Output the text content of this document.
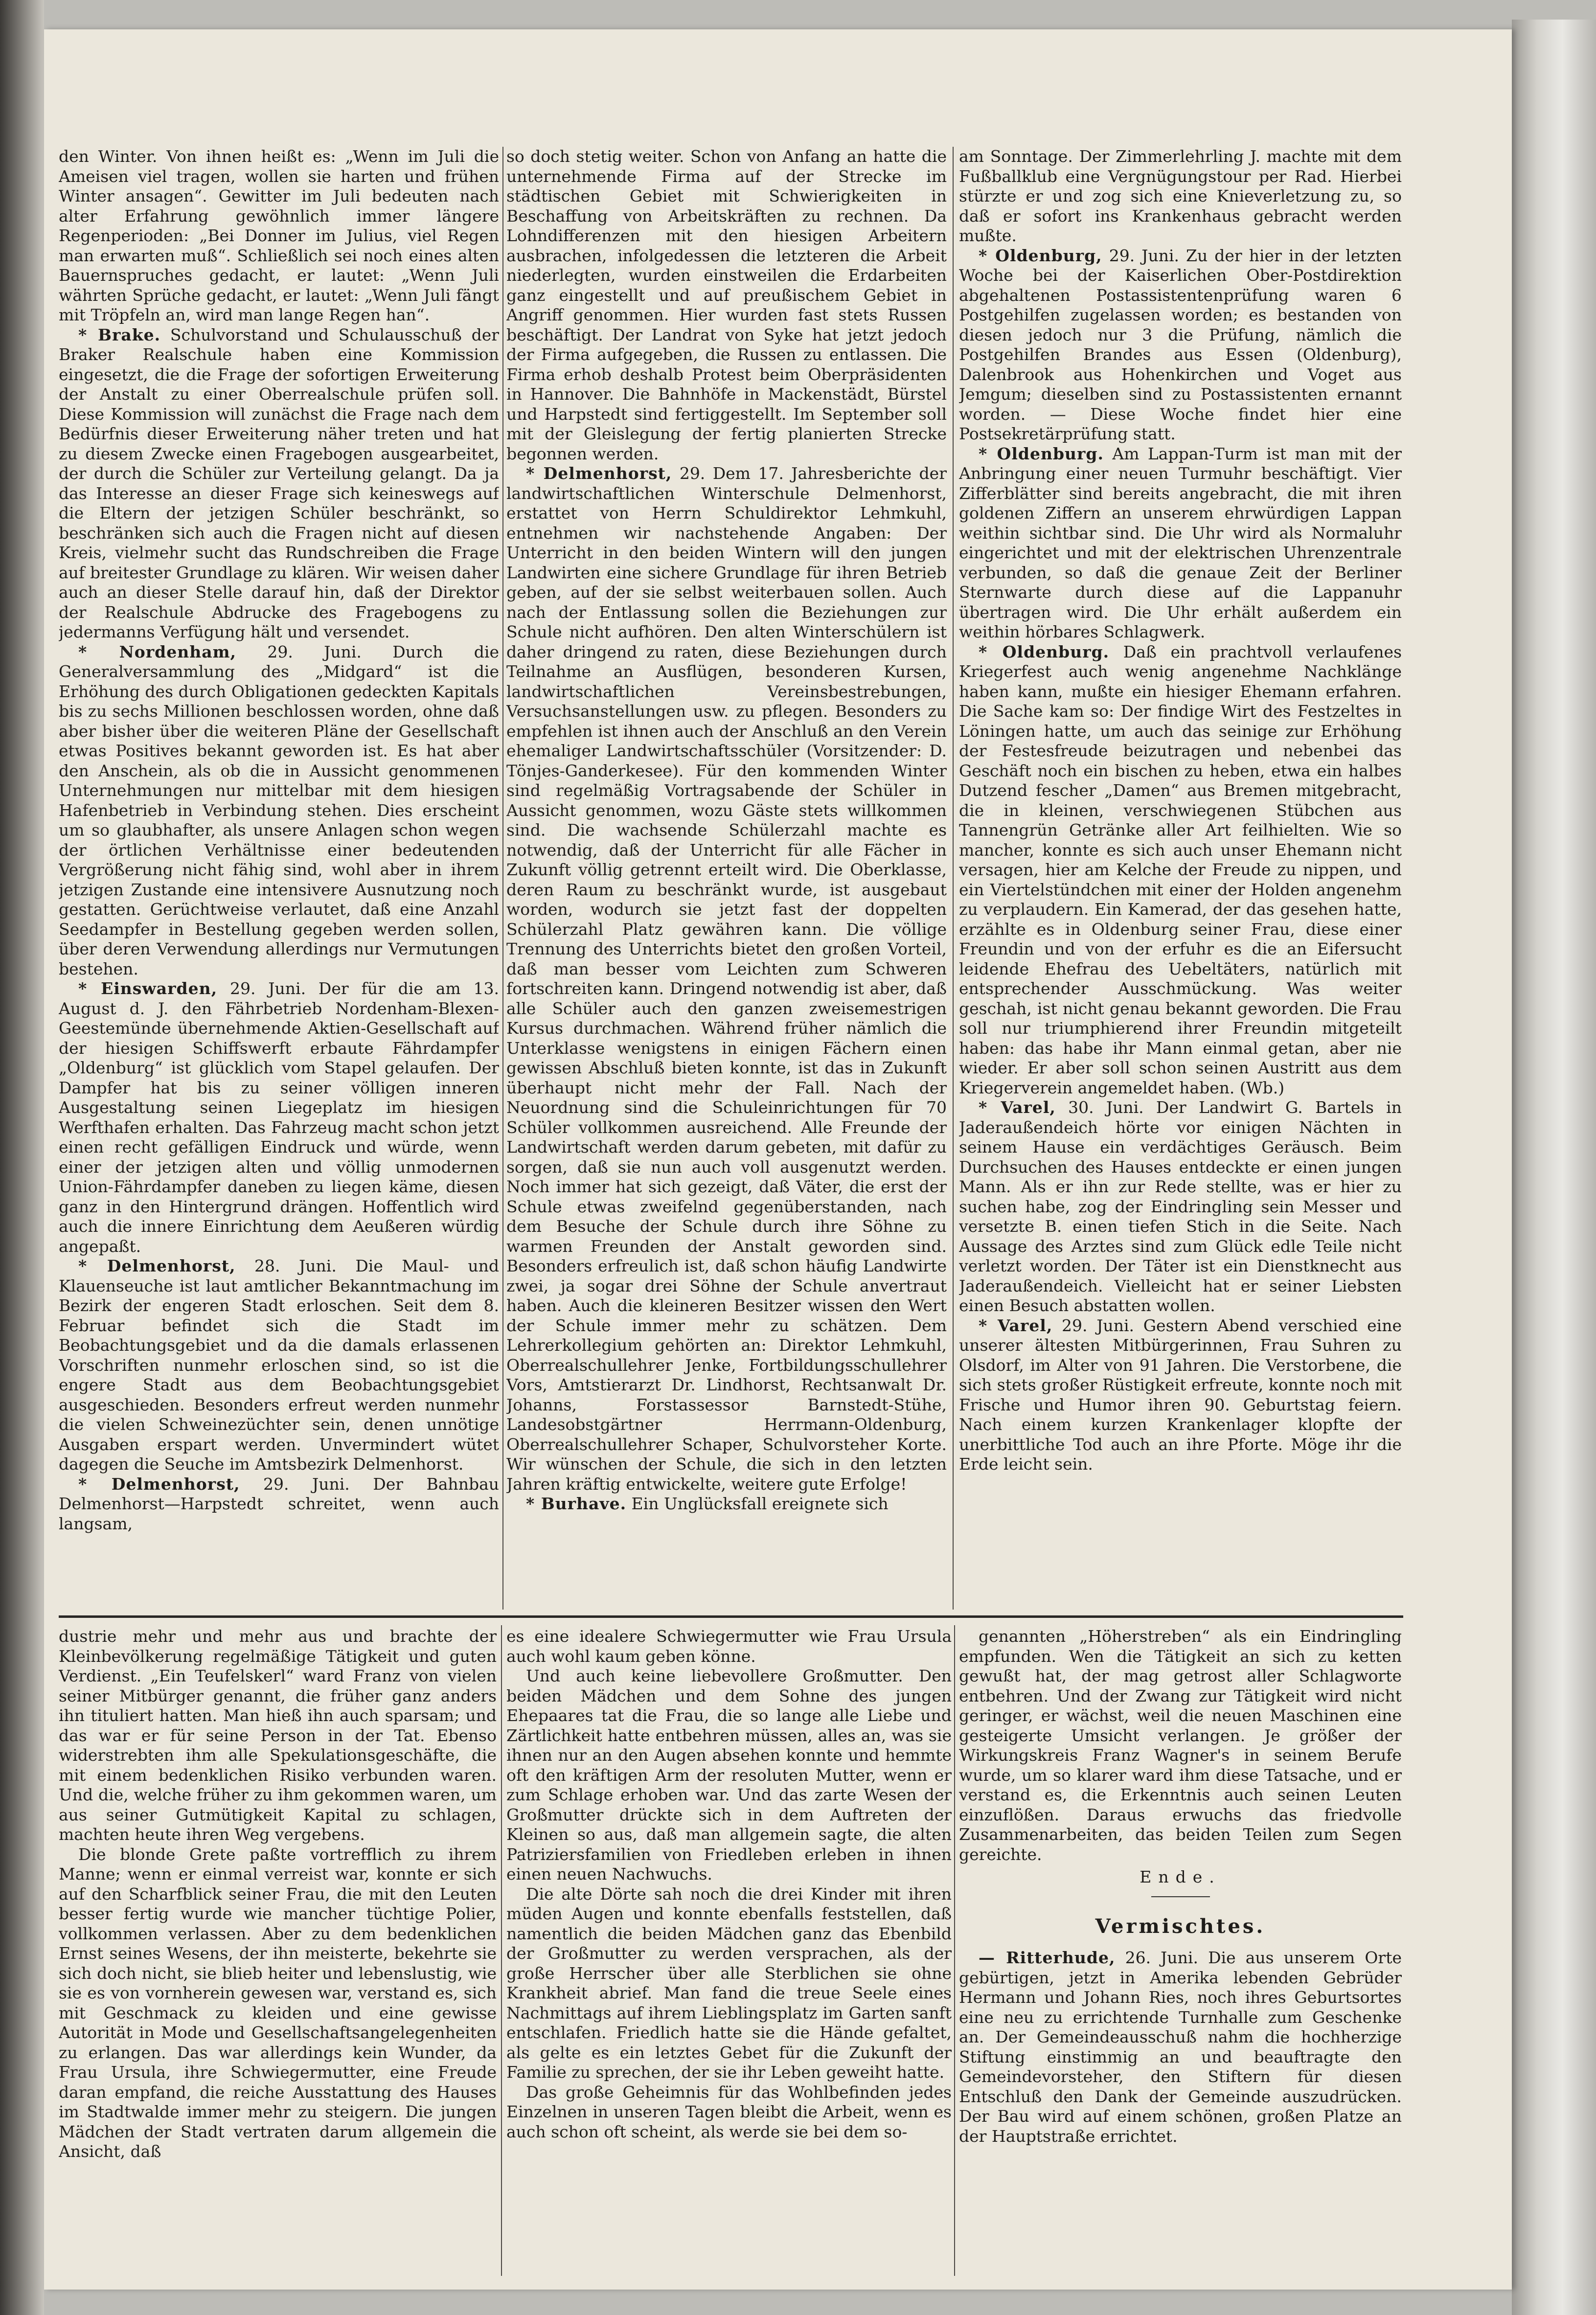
den Winter. Von ihnen heißt es: „Wenn im Juli die Ameisen viel tragen, wollen sie harten und frühen Winter ansagen“. Gewitter im Juli bedeuten nach alter Erfahrung gewöhnlich immer längere Regenperioden: „Bei Donner im Julius, viel Regen man erwarten muß“. Schließlich sei noch eines alten Bauernspruches gedacht, er lautet: „Wenn Juli währten Sprüche gedacht, er lautet: „Wenn Juli fängt mit Tröpfeln an, wird man lange Regen han“.

* Brake. Schulvorstand und Schulausschuß der Braker Realschule haben eine Kommission eingesetzt, die die Frage der sofortigen Erweiterung der Anstalt zu einer Oberrealschule prüfen soll. Diese Kommission will zunächst die Frage nach dem Bedürfnis dieser Erweiterung näher treten und hat zu diesem Zwecke einen Fragebogen ausgearbeitet, der durch die Schüler zur Verteilung gelangt. Da ja das Interesse an dieser Frage sich keineswegs auf die Eltern der jetzigen Schüler beschränkt, so beschränken sich auch die Fragen nicht auf diesen Kreis, vielmehr sucht das Rundschreiben die Frage auf breitester Grundlage zu klären. Wir weisen daher auch an dieser Stelle darauf hin, daß der Direktor der Realschule Abdrucke des Fragebogens zu jedermanns Verfügung hält und versendet.

* Nordenham, 29. Juni. Durch die Generalversammlung des „Midgard“ ist die Erhöhung des durch Obligationen gedeckten Kapitals bis zu sechs Millionen beschlossen worden, ohne daß aber bisher über die weiteren Pläne der Gesellschaft etwas Positives bekannt geworden ist. Es hat aber den Anschein, als ob die in Aussicht genommenen Unternehmungen nur mittelbar mit dem hiesigen Hafenbetrieb in Verbindung stehen. Dies erscheint um so glaubhafter, als unsere Anlagen schon wegen der örtlichen Verhältnisse einer bedeutenden Vergrößerung nicht fähig sind, wohl aber in ihrem jetzigen Zustande eine intensivere Ausnutzung noch gestatten. Gerüchtweise verlautet, daß eine Anzahl Seedampfer in Bestellung gegeben werden sollen, über deren Verwendung allerdings nur Vermutungen bestehen.

* Einswarden, 29. Juni. Der für die am 13. August d. J. den Fährbetrieb Nordenham-Blexen-Geestemünde übernehmende Aktien-Gesellschaft auf der hiesigen Schiffswerft erbaute Fährdampfer „Oldenburg“ ist glücklich vom Stapel gelaufen. Der Dampfer hat bis zu seiner völligen inneren Ausgestaltung seinen Liegeplatz im hiesigen Werfthafen erhalten. Das Fahrzeug macht schon jetzt einen recht gefälligen Eindruck und würde, wenn einer der jetzigen alten und völlig unmodernen Union-Fährdampfer daneben zu liegen käme, diesen ganz in den Hintergrund drängen. Hoffentlich wird auch die innere Einrichtung dem Aeußeren würdig angepaßt.

* Delmenhorst, 28. Juni. Die Maul- und Klauenseuche ist laut amtlicher Bekanntmachung im Bezirk der engeren Stadt erloschen. Seit dem 8. Februar befindet sich die Stadt im Beobachtungsgebiet und da die damals erlassenen Vorschriften nunmehr erloschen sind, so ist die engere Stadt aus dem Beobachtungsgebiet ausgeschieden. Besonders erfreut werden nunmehr die vielen Schweinezüchter sein, denen unnötige Ausgaben erspart werden. Unvermindert wütet dagegen die Seuche im Amtsbezirk Delmenhorst.

* Delmenhorst, 29. Juni. Der Bahnbau Delmenhorst—Harpstedt schreitet, wenn auch langsam,

so doch stetig weiter. Schon von Anfang an hatte die unternehmende Firma auf der Strecke im städtischen Gebiet mit Schwierigkeiten in Beschaffung von Arbeitskräften zu rechnen. Da Lohndifferenzen mit den hiesigen Arbeitern ausbrachen, infolgedessen die letzteren die Arbeit niederlegten, wurden einstweilen die Erdarbeiten ganz eingestellt und auf preußischem Gebiet in Angriff genommen. Hier wurden fast stets Russen beschäftigt. Der Landrat von Syke hat jetzt jedoch der Firma aufgegeben, die Russen zu entlassen. Die Firma erhob deshalb Protest beim Oberpräsidenten in Hannover. Die Bahnhöfe in Mackenstädt, Bürstel und Harpstedt sind fertiggestellt. Im September soll mit der Gleislegung der fertig planierten Strecke begonnen werden.

* Delmenhorst, 29. Dem 17. Jahresberichte der landwirtschaftlichen Winterschule Delmenhorst, erstattet von Herrn Schuldirektor Lehmkuhl, entnehmen wir nachstehende Angaben: Der Unterricht in den beiden Wintern will den jungen Landwirten eine sichere Grundlage für ihren Betrieb geben, auf der sie selbst weiterbauen sollen. Auch nach der Entlassung sollen die Beziehungen zur Schule nicht aufhören. Den alten Winterschülern ist daher dringend zu raten, diese Beziehungen durch Teilnahme an Ausflügen, besonderen Kursen, landwirtschaftlichen Vereinsbestrebungen, Versuchsanstellungen usw. zu pflegen. Besonders zu empfehlen ist ihnen auch der Anschluß an den Verein ehemaliger Landwirtschaftsschüler (Vorsitzender: D. Tönjes-Ganderkesee). Für den kommenden Winter sind regelmäßig Vortragsabende der Schüler in Aussicht genommen, wozu Gäste stets willkommen sind. Die wachsende Schülerzahl machte es notwendig, daß der Unterricht für alle Fächer in Zukunft völlig getrennt erteilt wird. Die Oberklasse, deren Raum zu beschränkt wurde, ist ausgebaut worden, wodurch sie jetzt fast der doppelten Schülerzahl Platz gewähren kann. Die völlige Trennung des Unterrichts bietet den großen Vorteil, daß man besser vom Leichten zum Schweren fortschreiten kann. Dringend notwendig ist aber, daß alle Schüler auch den ganzen zweisemestrigen Kursus durchmachen. Während früher nämlich die Unterklasse wenigstens in einigen Fächern einen gewissen Abschluß bieten konnte, ist das in Zukunft überhaupt nicht mehr der Fall. Nach der Neuordnung sind die Schuleinrichtungen für 70 Schüler vollkommen ausreichend. Alle Freunde der Landwirtschaft werden darum gebeten, mit dafür zu sorgen, daß sie nun auch voll ausgenutzt werden. Noch immer hat sich gezeigt, daß Väter, die erst der Schule etwas zweifelnd gegenüberstanden, nach dem Besuche der Schule durch ihre Söhne zu warmen Freunden der Anstalt geworden sind. Besonders erfreulich ist, daß schon häufig Landwirte zwei, ja sogar drei Söhne der Schule anvertraut haben. Auch die kleineren Besitzer wissen den Wert der Schule immer mehr zu schätzen. Dem Lehrerkollegium gehörten an: Direktor Lehmkuhl, Oberrealschullehrer Jenke, Fortbildungsschullehrer Vors, Amtstierarzt Dr. Lindhorst, Rechtsanwalt Dr. Johanns, Forstassessor Barnstedt-Stühe, Landesobstgärtner Herrmann-Oldenburg, Oberrealschullehrer Schaper, Schulvorsteher Korte. Wir wünschen der Schule, die sich in den letzten Jahren kräftig entwickelte, weitere gute Erfolge!

* Burhave. Ein Unglücksfall ereignete sich

am Sonntage. Der Zimmerlehrling J. machte mit dem Fußballklub eine Vergnügungstour per Rad. Hierbei stürzte er und zog sich eine Knieverletzung zu, so daß er sofort ins Krankenhaus gebracht werden mußte.

* Oldenburg, 29. Juni. Zu der hier in der letzten Woche bei der Kaiserlichen Ober-Postdirektion abgehaltenen Postassistentenprüfung waren 6 Postgehilfen zugelassen worden; es bestanden von diesen jedoch nur 3 die Prüfung, nämlich die Postgehilfen Brandes aus Essen (Oldenburg), Dalenbrook aus Hohenkirchen und Voget aus Jemgum; dieselben sind zu Postassistenten ernannt worden. — Diese Woche findet hier eine Postsekretärprüfung statt.

* Oldenburg. Am Lappan-Turm ist man mit der Anbringung einer neuen Turmuhr beschäftigt. Vier Zifferblätter sind bereits angebracht, die mit ihren goldenen Ziffern an unserem ehrwürdigen Lappan weithin sichtbar sind. Die Uhr wird als Normaluhr eingerichtet und mit der elektrischen Uhrenzentrale verbunden, so daß die genaue Zeit der Berliner Sternwarte durch diese auf die Lappanuhr übertragen wird. Die Uhr erhält außerdem ein weithin hörbares Schlagwerk.

* Oldenburg. Daß ein prachtvoll verlaufenes Kriegerfest auch wenig angenehme Nachklänge haben kann, mußte ein hiesiger Ehemann erfahren. Die Sache kam so: Der findige Wirt des Festzeltes in Löningen hatte, um auch das seinige zur Erhöhung der Festesfreude beizutragen und nebenbei das Geschäft noch ein bischen zu heben, etwa ein halbes Dutzend fescher „Damen“ aus Bremen mitgebracht, die in kleinen, verschwiegenen Stübchen aus Tannengrün Getränke aller Art feilhielten. Wie so mancher, konnte es sich auch unser Ehemann nicht versagen, hier am Kelche der Freude zu nippen, und ein Viertelstündchen mit einer der Holden angenehm zu verplaudern. Ein Kamerad, der das gesehen hatte, erzählte es in Oldenburg seiner Frau, diese einer Freundin und von der erfuhr es die an Eifersucht leidende Ehefrau des Uebeltäters, natürlich mit entsprechender Ausschmückung. Was weiter geschah, ist nicht genau bekannt geworden. Die Frau soll nur triumphierend ihrer Freundin mitgeteilt haben: das habe ihr Mann einmal getan, aber nie wieder. Er aber soll schon seinen Austritt aus dem Kriegerverein angemeldet haben. (Wb.)

* Varel, 30. Juni. Der Landwirt G. Bartels in Jaderaußendeich hörte vor einigen Nächten in seinem Hause ein verdächtiges Geräusch. Beim Durchsuchen des Hauses entdeckte er einen jungen Mann. Als er ihn zur Rede stellte, was er hier zu suchen habe, zog der Eindringling sein Messer und versetzte B. einen tiefen Stich in die Seite. Nach Aussage des Arztes sind zum Glück edle Teile nicht verletzt worden. Der Täter ist ein Dienstknecht aus Jaderaußendeich. Vielleicht hat er seiner Liebsten einen Besuch abstatten wollen.

* Varel, 29. Juni. Gestern Abend verschied eine unserer ältesten Mitbürgerinnen, Frau Suhren zu Olsdorf, im Alter von 91 Jahren. Die Verstorbene, die sich stets großer Rüstigkeit erfreute, konnte noch mit Frische und Humor ihren 90. Geburtstag feiern. Nach einem kurzen Krankenlager klopfte der unerbittliche Tod auch an ihre Pforte. Möge ihr die Erde leicht sein.

dustrie mehr und mehr aus und brachte der Kleinbevölkerung regelmäßige Tätigkeit und guten Verdienst. „Ein Teufelskerl“ ward Franz von vielen seiner Mitbürger genannt, die früher ganz anders ihn tituliert hatten. Man hieß ihn auch sparsam; und das war er für seine Person in der Tat. Ebenso widerstrebten ihm alle Spekulationsgeschäfte, die mit einem bedenklichen Risiko verbunden waren. Und die, welche früher zu ihm gekommen waren, um aus seiner Gutmütigkeit Kapital zu schlagen, machten heute ihren Weg vergebens.

Die blonde Grete paßte vortrefflich zu ihrem Manne; wenn er einmal verreist war, konnte er sich auf den Scharfblick seiner Frau, die mit den Leuten besser fertig wurde wie mancher tüchtige Polier, vollkommen verlassen. Aber zu dem bedenklichen Ernst seines Wesens, der ihn meisterte, bekehrte sie sich doch nicht, sie blieb heiter und lebenslustig, wie sie es von vornherein gewesen war, verstand es, sich mit Geschmack zu kleiden und eine gewisse Autorität in Mode und Gesellschaftsangelegenheiten zu erlangen. Das war allerdings kein Wunder, da Frau Ursula, ihre Schwiegermutter, eine Freude daran empfand, die reiche Ausstattung des Hauses im Stadtwalde immer mehr zu steigern. Die jungen Mädchen der Stadt vertraten darum allgemein die Ansicht, daß

es eine idealere Schwiegermutter wie Frau Ursula auch wohl kaum geben könne.

Und auch keine liebevollere Großmutter. Den beiden Mädchen und dem Sohne des jungen Ehepaares tat die Frau, die so lange alle Liebe und Zärtlichkeit hatte entbehren müssen, alles an, was sie ihnen nur an den Augen absehen konnte und hemmte oft den kräftigen Arm der resoluten Mutter, wenn er zum Schlage erhoben war. Und das zarte Wesen der Großmutter drückte sich in dem Auftreten der Kleinen so aus, daß man allgemein sagte, die alten Patriziersfamilien von Friedleben erleben in ihnen einen neuen Nachwuchs.

Die alte Dörte sah noch die drei Kinder mit ihren müden Augen und konnte ebenfalls feststellen, daß namentlich die beiden Mädchen ganz das Ebenbild der Großmutter zu werden versprachen, als der große Herrscher über alle Sterblichen sie ohne Krankheit abrief. Man fand die treue Seele eines Nachmittags auf ihrem Lieblingsplatz im Garten sanft entschlafen. Friedlich hatte sie die Hände gefaltet, als gelte es ein letztes Gebet für die Zukunft der Familie zu sprechen, der sie ihr Leben geweiht hatte.

Das große Geheimnis für das Wohlbefinden jedes Einzelnen in unseren Tagen bleibt die Arbeit, wenn es auch schon oft scheint, als werde sie bei dem so-

genannten „Höherstreben“ als ein Eindringling empfunden. Wen die Tätigkeit an sich zu ketten gewußt hat, der mag getrost aller Schlagworte entbehren. Und der Zwang zur Tätigkeit wird nicht geringer, er wächst, weil die neuen Maschinen eine gesteigerte Umsicht verlangen. Je größer der Wirkungskreis Franz Wagner's in seinem Berufe wurde, um so klarer ward ihm diese Tatsache, und er verstand es, die Erkenntnis auch seinen Leuten einzuflößen. Daraus erwuchs das friedvolle Zusammenarbeiten, das beiden Teilen zum Segen gereichte.

Ende.

Vermischtes.

— Ritterhude, 26. Juni. Die aus unserem Orte gebürtigen, jetzt in Amerika lebenden Gebrüder Hermann und Johann Ries, noch ihres Geburtsortes eine neu zu errichtende Turnhalle zum Geschenke an. Der Gemeindeausschuß nahm die hochherzige Stiftung einstimmig an und beauftragte den Gemeindevorsteher, den Stiftern für diesen Entschluß den Dank der Gemeinde auszudrücken. Der Bau wird auf einem schönen, großen Platze an der Hauptstraße errichtet.
